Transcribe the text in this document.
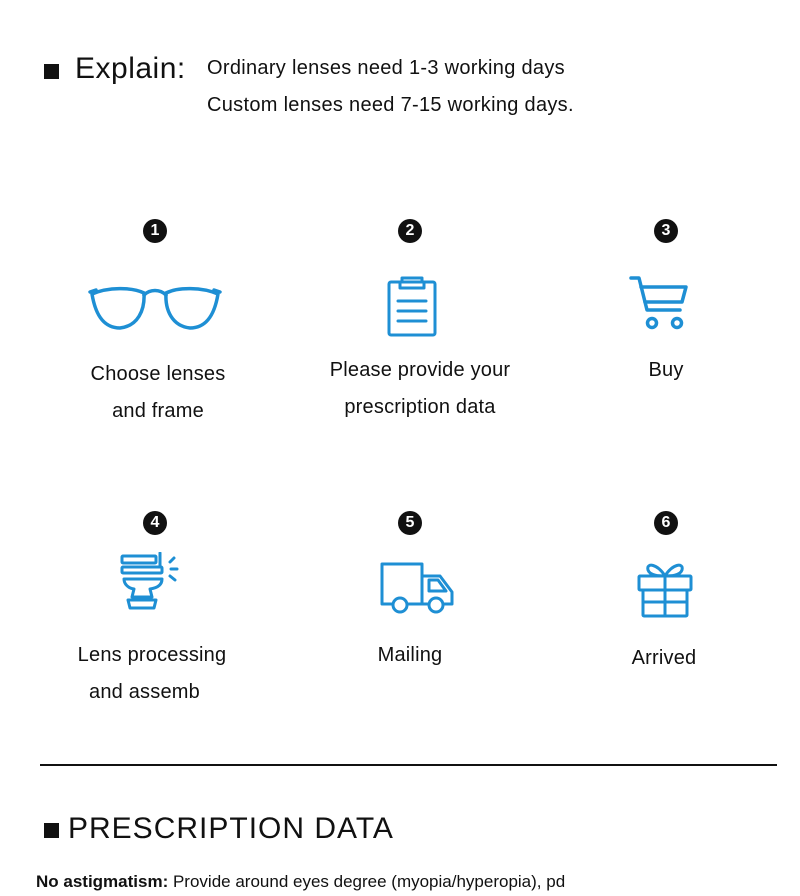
Explain: Ordinary lenses need 1-3 working days
Custom lenses need 7-15 working days.
1
Choose lenses
and frame
2
Please provide your
prescription data
3
Buy
4
Lens processing
and assemb
5
Mailing
6
Arrived
PRESCRIPTION DATA
No astigmatism: Provide around eyes degree (myopia/hyperopia), pd
